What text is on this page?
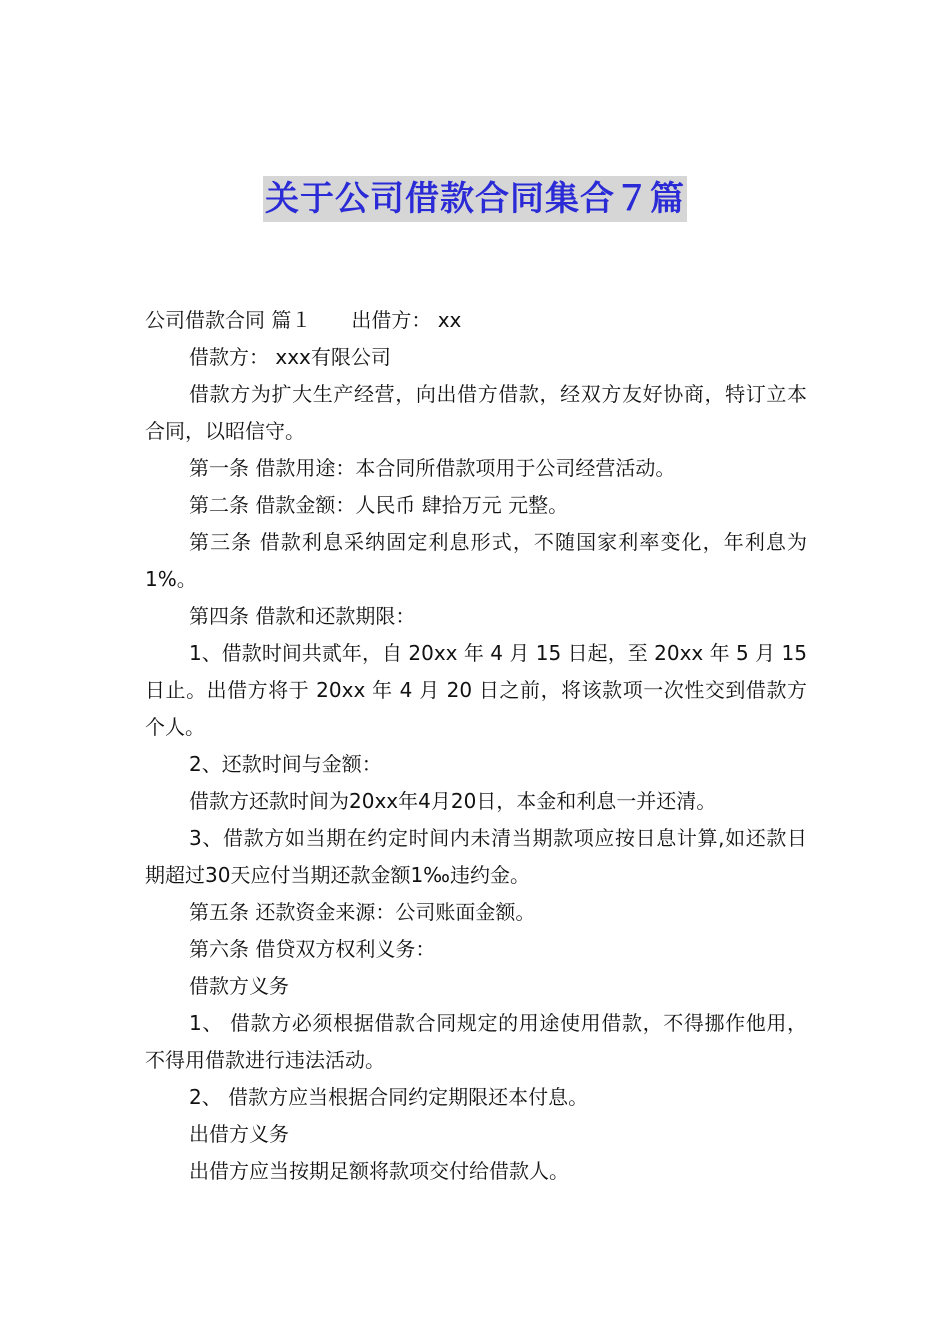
关于公司借款合同集合７篇

公司借款合同 篇１ 出借方： xx

借款方： xxx有限公司

借款方为扩大生产经营，向出借方借款，经双方友好协商，特订立本合同，以昭信守。

第一条 借款用途：本合同所借款项用于公司经营活动。

第二条 借款金额：人民币 肆拾万元 元整。

第三条 借款利息采纳固定利息形式，不随国家利率变化，年利息为1%。

第四条 借款和还款期限：

1、借款时间共贰年，自 20xx 年 4 月 15 日起，至 20xx 年 5 月 15 日止。出借方将于 20xx 年 4 月 20 日之前，将该款项一次性交到借款方个人。

2、还款时间与金额：

借款方还款时间为20xx年4月20日，本金和利息一并还清。

3、借款方如当期在约定时间内未清当期款项应按日息计算,如还款日期超过30天应付当期还款金额1‰违约金。

第五条 还款资金来源：公司账面金额。

第六条 借贷双方权利义务：

借款方义务

1、 借款方必须根据借款合同规定的用途使用借款，不得挪作他用，不得用借款进行违法活动。

2、 借款方应当根据合同约定期限还本付息。

出借方义务

出借方应当按期足额将款项交付给借款人。
